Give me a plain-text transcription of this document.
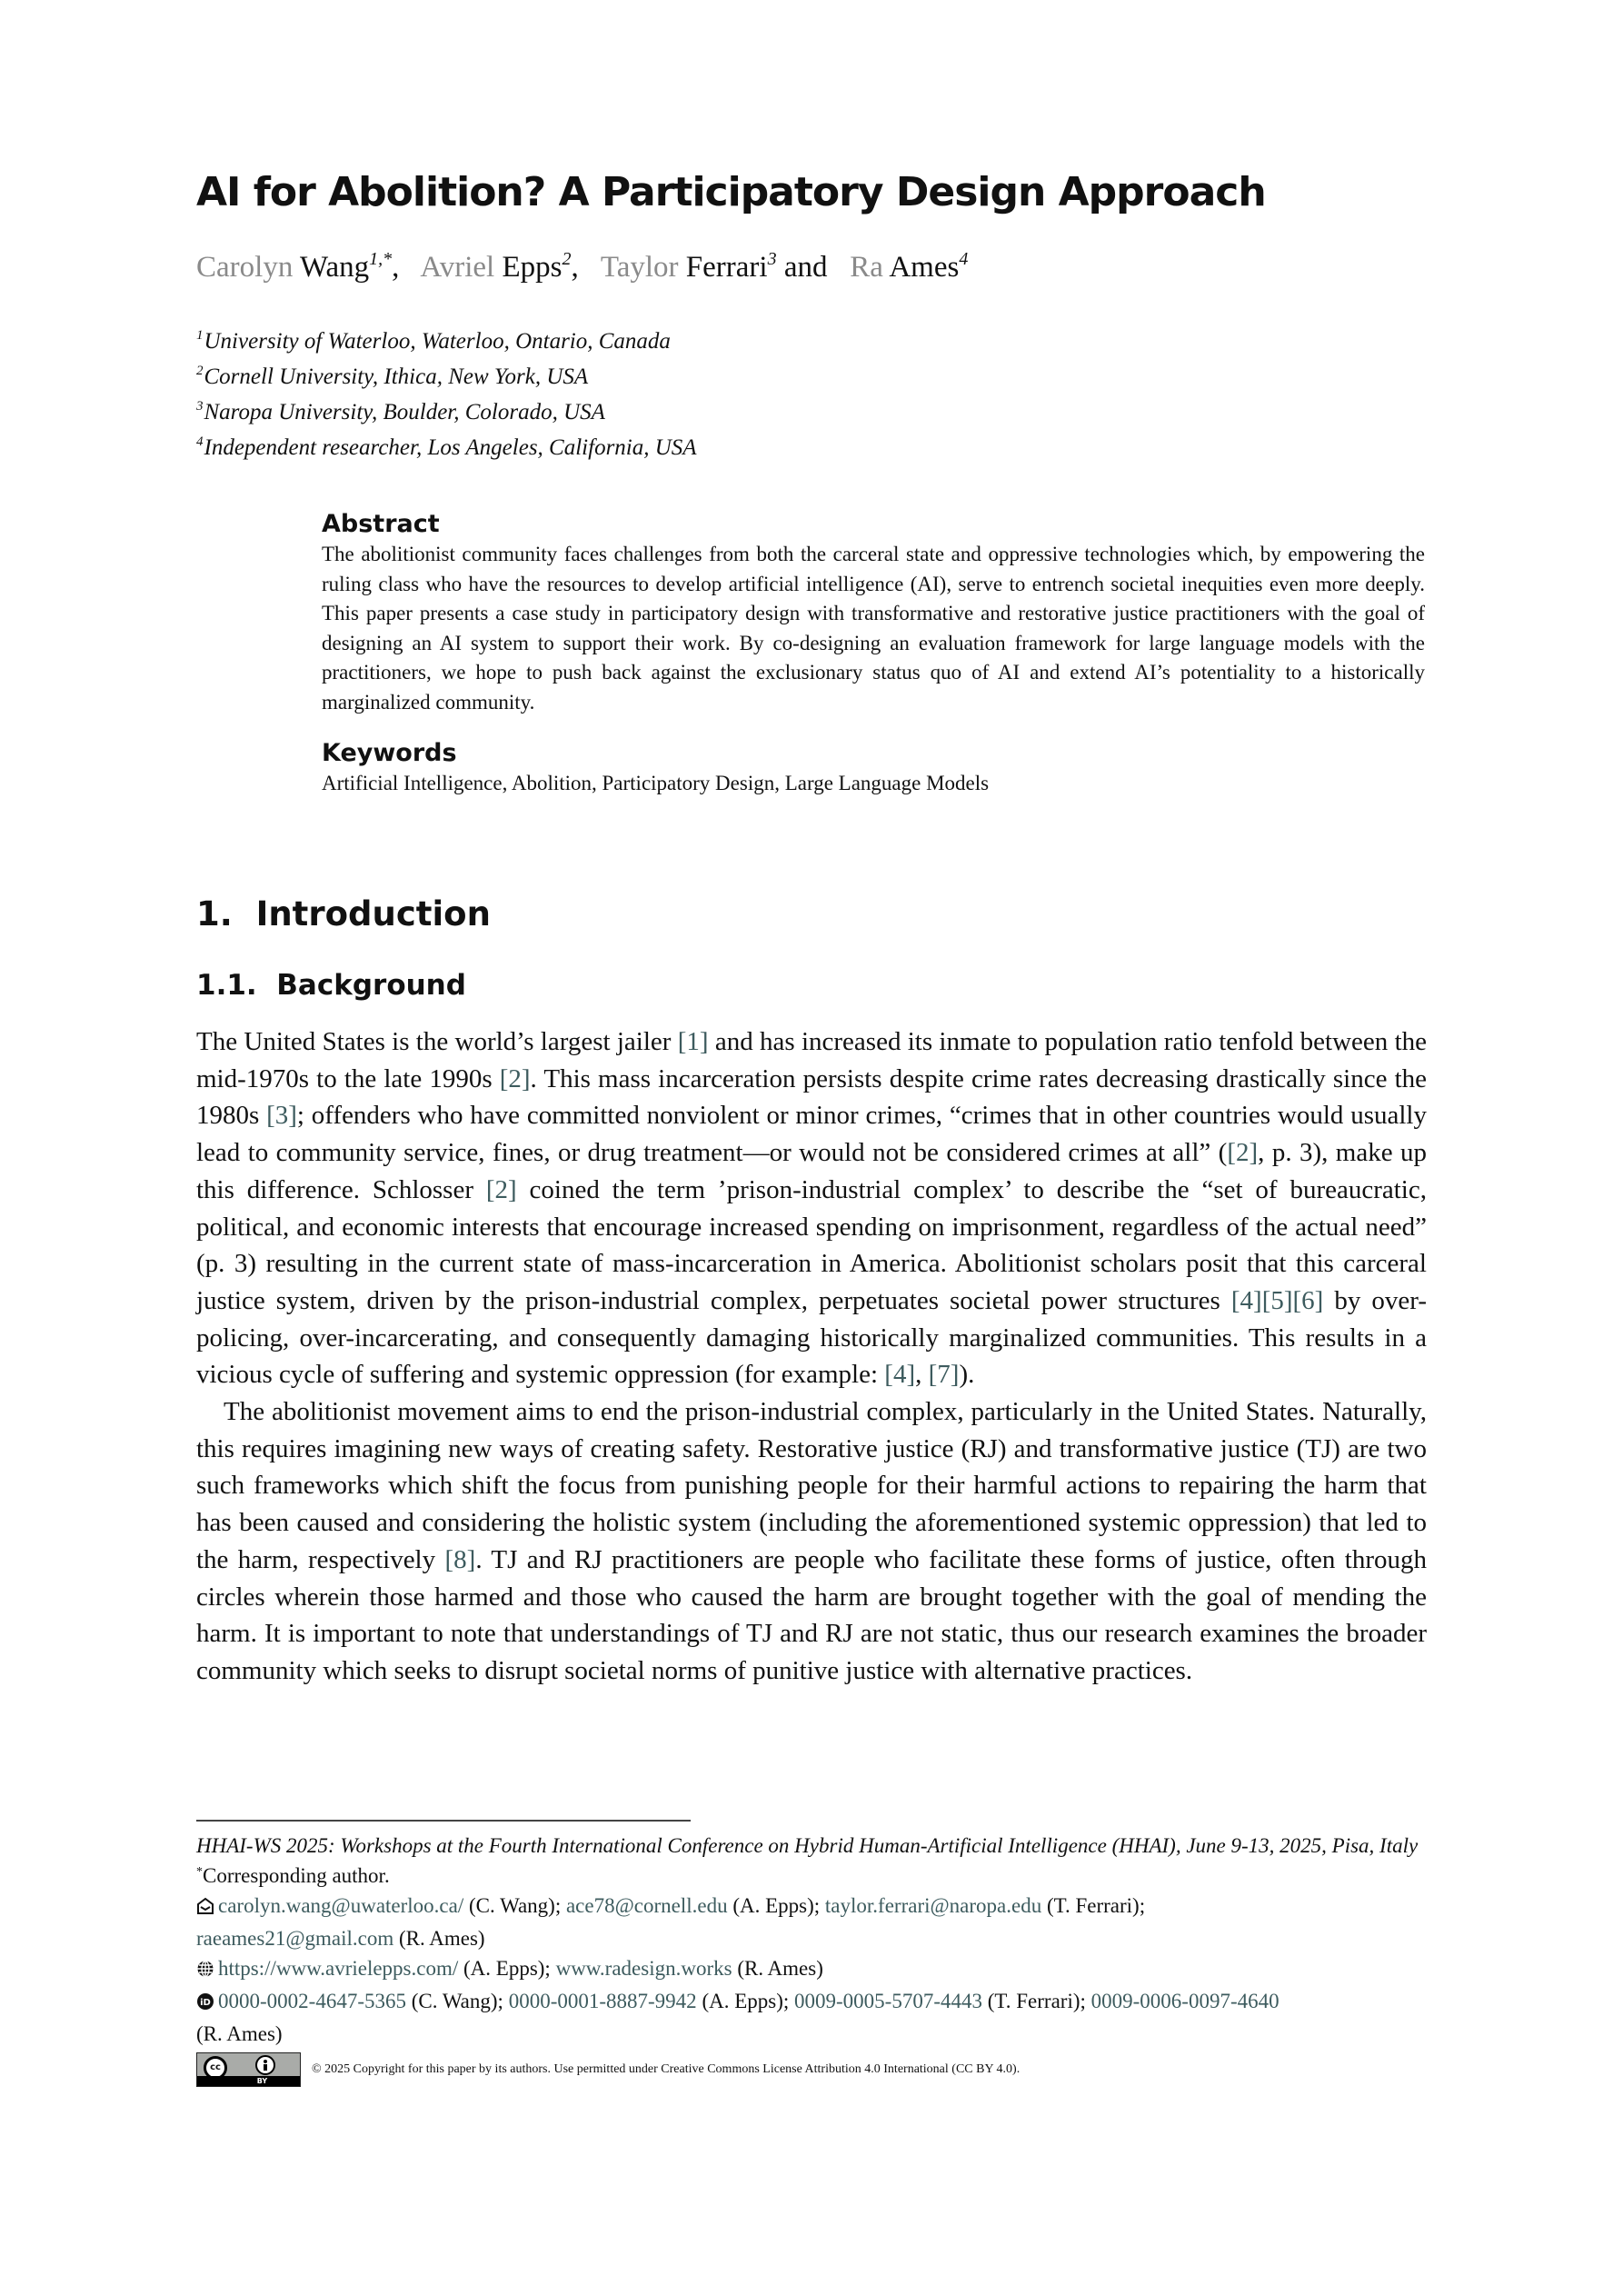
AI for Abolition? A Participatory Design Approach
Carolyn Wang$^{1,*}$,   Avriel Epps$^2$,   Taylor Ferrari$^3$ and   Ra Ames$^4$
$^1$University of Waterloo, Waterloo, Ontario, Canada
$^2$Cornell University, Ithica, New York, USA
$^3$Naropa University, Boulder, Colorado, USA
$^4$Independent researcher, Los Angeles, California, USA
Abstract

The abolitionist community faces challenges from both the carceral state and oppressive technologies which, by empowering the ruling class who have the resources to develop artificial intelligence (AI), serve to entrench societal inequities even more deeply. This paper presents a case study in participatory design with transformative and restorative justice practitioners with the goal of designing an AI system to support their work. By co-designing an evaluation framework for large language models with the practitioners, we hope to push back against the exclusionary status quo of AI and extend AI’s potentiality to a historically marginalized community.

Keywords

Artificial Intelligence, Abolition, Participatory Design, Large Language Models

1. Introduction
1.1. Background

The United States is the world’s largest jailer [1] and has increased its inmate to population ratio tenfold between the mid-1970s to the late 1990s [2]. This mass incarceration persists despite crime rates decreasing drastically since the 1980s [3]; offenders who have committed nonviolent or minor crimes, “crimes that in other countries would usually lead to community service, fines, or drug treatment—or would not be considered crimes at all” ([2], p. 3), make up this difference. Schlosser [2] coined the term ’prison-industrial complex’ to describe the “set of bureaucratic, political, and economic interests that encourage increased spending on imprisonment, regardless of the actual need” (p. 3) resulting in the current state of mass-incarceration in America. Abolitionist scholars posit that this carceral justice system, driven by the prison-industrial complex, perpetuates societal power structures [4][5][6] by over-policing, over-incarcerating, and consequently damaging historically marginalized communities. This results in a vicious cycle of suffering and systemic oppression (for example: [4], [7]).

The abolitionist movement aims to end the prison-industrial complex, particularly in the United States. Naturally, this requires imagining new ways of creating safety. Restorative justice (RJ) and transformative justice (TJ) are two such frameworks which shift the focus from punishing people for their harmful actions to repairing the harm that has been caused and considering the holistic system (including the aforementioned systemic oppression) that led to the harm, respectively [8]. TJ and RJ practitioners are people who facilitate these forms of justice, often through circles wherein those harmed and those who caused the harm are brought together with the goal of mending the harm. It is important to note that understandings of TJ and RJ are not static, thus our research examines the broader community which seeks to disrupt societal norms of punitive justice with alternative practices.

HHAI-WS 2025: Workshops at the Fourth International Conference on Hybrid Human-Artificial Intelligence (HHAI), June 9-13, 2025, Pisa, Italy
*Corresponding author.
carolyn.wang@uwaterloo.ca/ (C. Wang); ace78@cornell.edu (A. Epps); taylor.ferrari@naropa.edu (T. Ferrari);
raeames21@gmail.com (R. Ames)
https://www.avrielepps.com/ (A. Epps); www.radesign.works (R. Ames)
iD 0000-0002-4647-5365 (C. Wang); 0000-0001-8887-9942 (A. Epps); 0009-0005-5707-4443 (T. Ferrari); 0009-0006-0097-4640
(R. Ames)
cc
BY
© 2025 Copyright for this paper by its authors. Use permitted under Creative Commons License Attribution 4.0 International (CC BY 4.0).
